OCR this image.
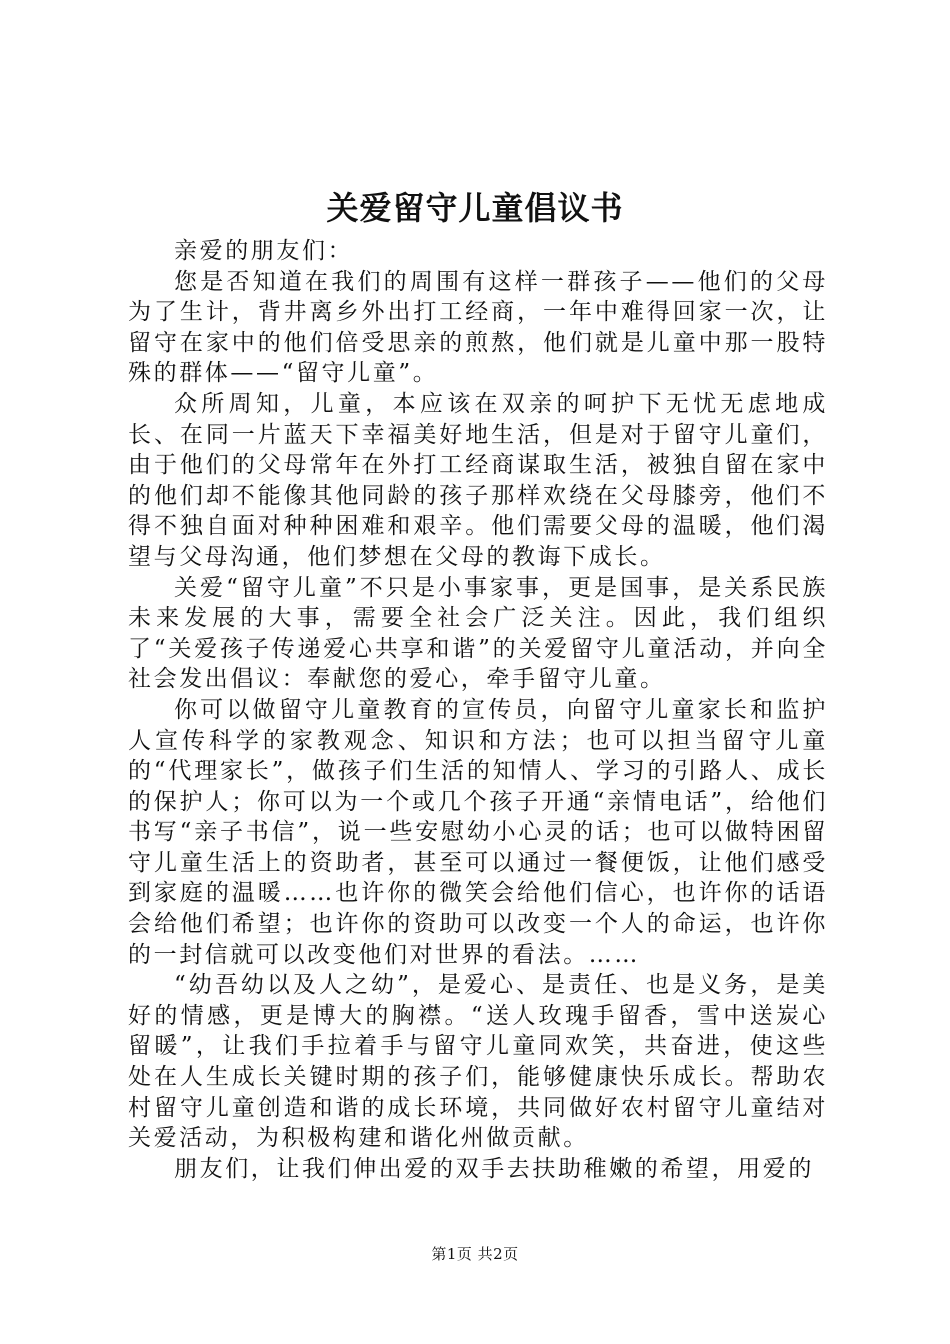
关爱留守儿童倡议书

亲爱的朋友们：

您是否知道在我们的周围有这样一群孩子——他们的父母为了生计，背井离乡外出打工经商，一年中难得回家一次，让留守在家中的他们倍受思亲的煎熬，他们就是儿童中那一股特殊的群体——“留守儿童”。

众所周知，儿童，本应该在双亲的呵护下无忧无虑地成长、在同一片蓝天下幸福美好地生活，但是对于留守儿童们，由于他们的父母常年在外打工经商谋取生活，被独自留在家中的他们却不能像其他同龄的孩子那样欢绕在父母膝旁，他们不得不独自面对种种困难和艰辛。他们需要父母的温暖，他们渴望与父母沟通，他们梦想在父母的教诲下成长。

关爱“留守儿童”不只是小事家事，更是国事，是关系民族未来发展的大事，需要全社会广泛关注。因此，我们组织了“关爱孩子传递爱心共享和谐”的关爱留守儿童活动，并向全社会发出倡议：奉献您的爱心，牵手留守儿童。

你可以做留守儿童教育的宣传员，向留守儿童家长和监护人宣传科学的家教观念、知识和方法；也可以担当留守儿童的“代理家长”，做孩子们生活的知情人、学习的引路人、成长的保护人；你可以为一个或几个孩子开通“亲情电话”，给他们书写“亲子书信”，说一些安慰幼小心灵的话；也可以做特困留守儿童生活上的资助者，甚至可以通过一餐便饭，让他们感受到家庭的温暖……也许你的微笑会给他们信心，也许你的话语会给他们希望；也许你的资助可以改变一个人的命运，也许你的一封信就可以改变他们对世界的看法。……

“幼吾幼以及人之幼”，是爱心、是责任、也是义务，是美好的情感，更是博大的胸襟。“送人玫瑰手留香，雪中送炭心留暖”，让我们手拉着手与留守儿童同欢笑，共奋进，使这些处在人生成长关键时期的孩子们，能够健康快乐成长。帮助农村留守儿童创造和谐的成长环境，共同做好农村留守儿童结对关爱活动，为积极构建和谐化州做贡献。

朋友们，让我们伸出爱的双手去扶助稚嫩的希望，用爱的

第1页 共2页
